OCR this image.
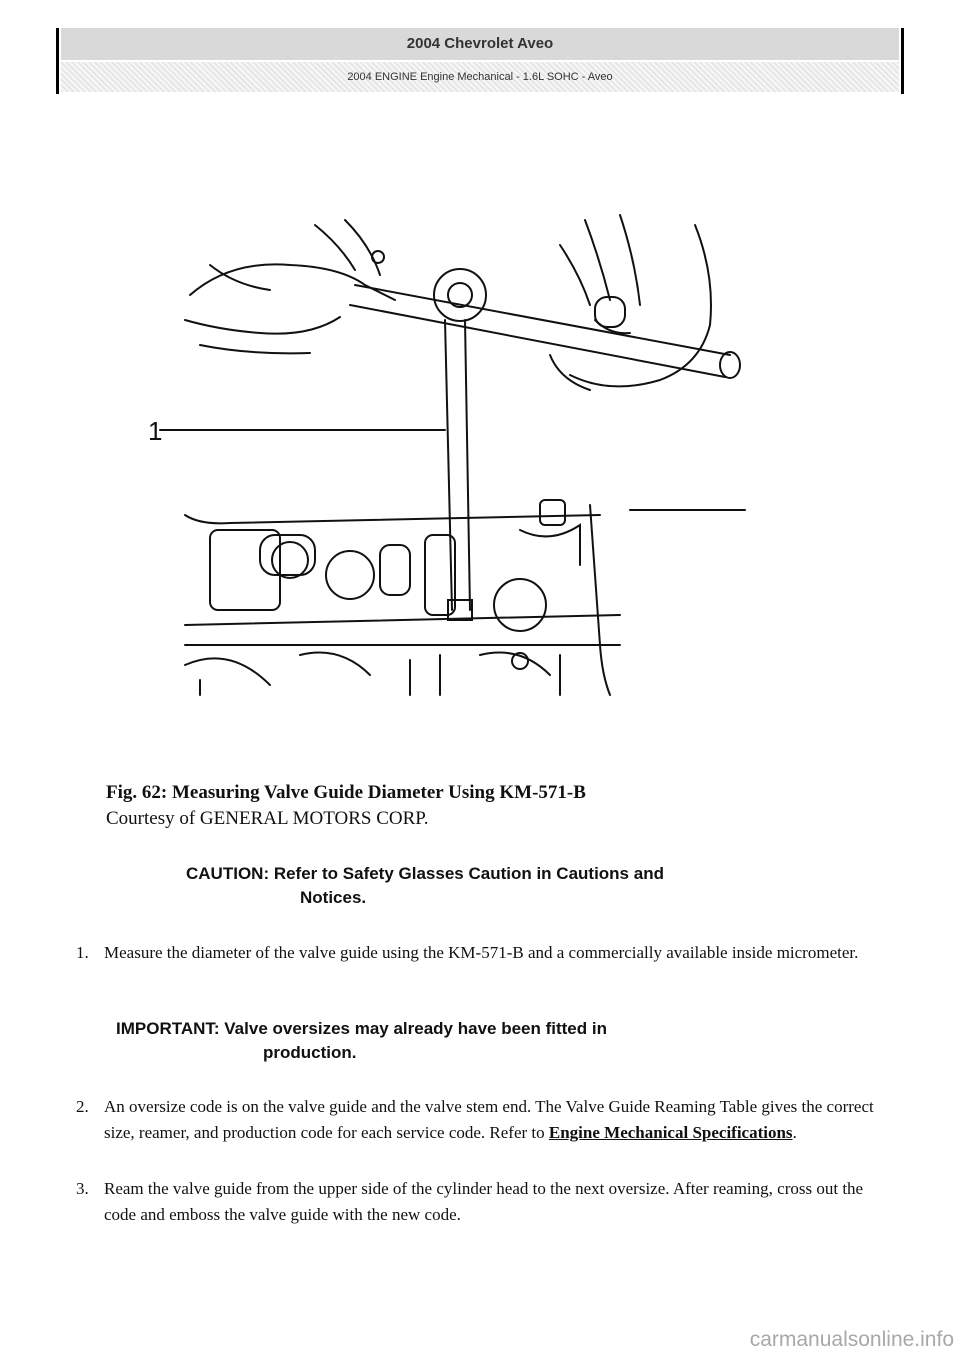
2004 Chevrolet Aveo
2004 ENGINE Engine Mechanical - 1.6L SOHC - Aveo
1
Fig. 62: Measuring Valve Guide Diameter Using KM-571-B
Courtesy of GENERAL MOTORS CORP.
CAUTION: Refer to Safety Glasses Caution in Cautions and
Notices.
1. Measure the diameter of the valve guide using the KM-571-B and a commercially available inside micrometer.
IMPORTANT: Valve oversizes may already have been fitted in
production.
2. An oversize code is on the valve guide and the valve stem end. The Valve Guide Reaming Table gives the correct size, reamer, and production code for each service code. Refer to Engine Mechanical Specifications.
3. Ream the valve guide from the upper side of the cylinder head to the next oversize. After reaming, cross out the code and emboss the valve guide with the new code.
carmanualsonline.info
